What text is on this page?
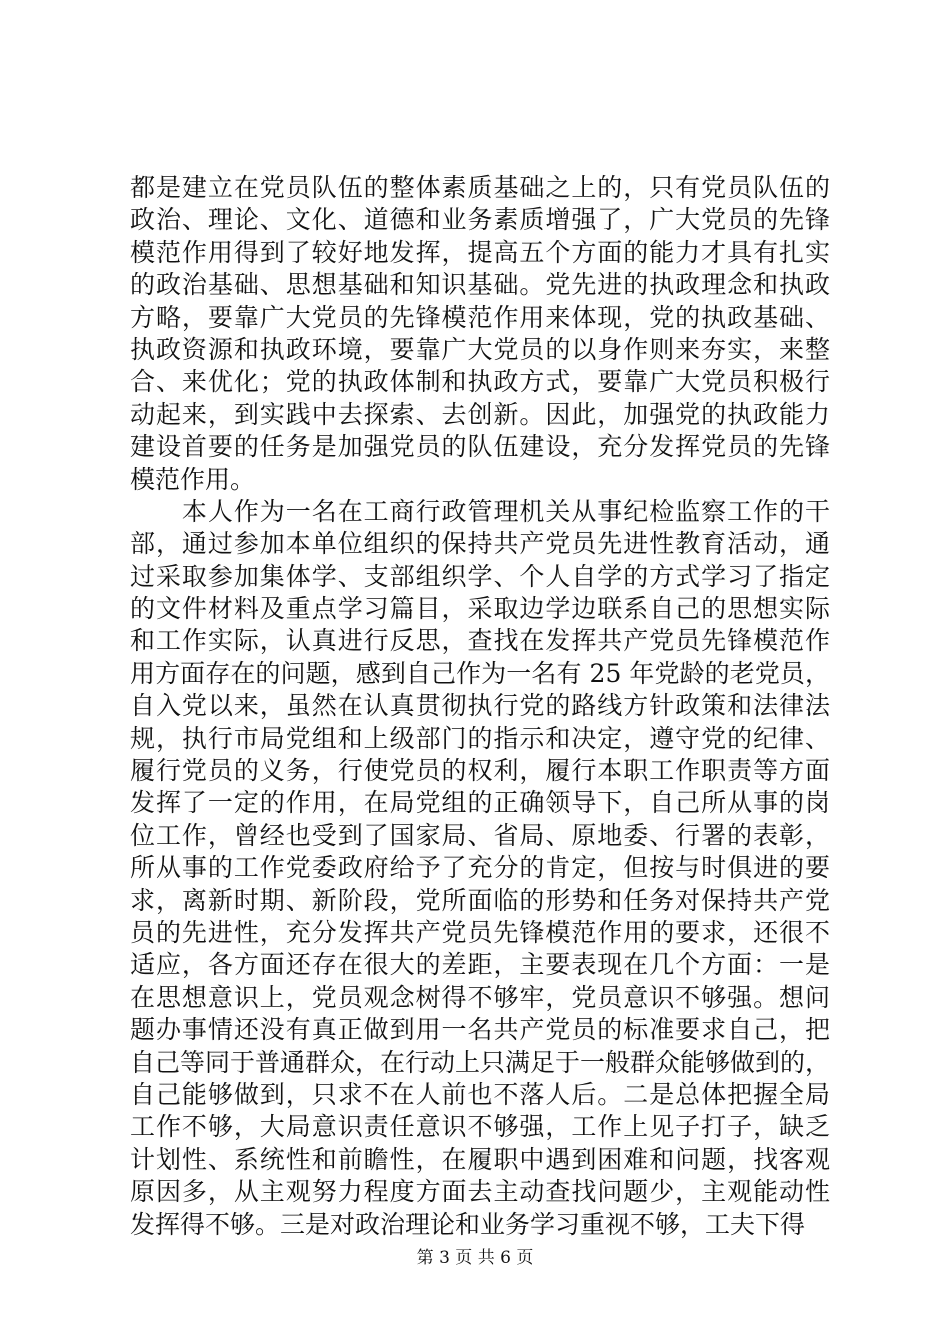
都是建立在党员队伍的整体素质基础之上的，只有党员队伍的
政治、理论、文化、道德和业务素质增强了，广大党员的先锋
模范作用得到了较好地发挥，提高五个方面的能力才具有扎实
的政治基础、思想基础和知识基础。党先进的执政理念和执政
方略，要靠广大党员的先锋模范作用来体现，党的执政基础、
执政资源和执政环境，要靠广大党员的以身作则来夯实，来整
合、来优化；党的执政体制和执政方式，要靠广大党员积极行
动起来，到实践中去探索、去创新。因此，加强党的执政能力
建设首要的任务是加强党员的队伍建设，充分发挥党员的先锋
模范作用。
　　本人作为一名在工商行政管理机关从事纪检监察工作的干
部，通过参加本单位组织的保持共产党员先进性教育活动，通
过采取参加集体学、支部组织学、个人自学的方式学习了指定
的文件材料及重点学习篇目，采取边学边联系自己的思想实际
和工作实际，认真进行反思，查找在发挥共产党员先锋模范作
用方面存在的问题，感到自己作为一名有 25 年党龄的老党员，
自入党以来，虽然在认真贯彻执行党的路线方针政策和法律法
规，执行市局党组和上级部门的指示和决定，遵守党的纪律、
履行党员的义务，行使党员的权利，履行本职工作职责等方面
发挥了一定的作用，在局党组的正确领导下，自己所从事的岗
位工作，曾经也受到了国家局、省局、原地委、行署的表彰，
所从事的工作党委政府给予了充分的肯定，但按与时俱进的要
求，离新时期、新阶段，党所面临的形势和任务对保持共产党
员的先进性，充分发挥共产党员先锋模范作用的要求，还很不
适应，各方面还存在很大的差距，主要表现在几个方面：一是
在思想意识上，党员观念树得不够牢，党员意识不够强。想问
题办事情还没有真正做到用一名共产党员的标准要求自己，把
自己等同于普通群众，在行动上只满足于一般群众能够做到的，
自己能够做到，只求不在人前也不落人后。二是总体把握全局
工作不够，大局意识责任意识不够强，工作上见子打子，缺乏
计划性、系统性和前瞻性，在履职中遇到困难和问题，找客观
原因多，从主观努力程度方面去主动查找问题少，主观能动性
发挥得不够。三是对政治理论和业务学习重视不够，工夫下得
第 3 页 共 6 页
